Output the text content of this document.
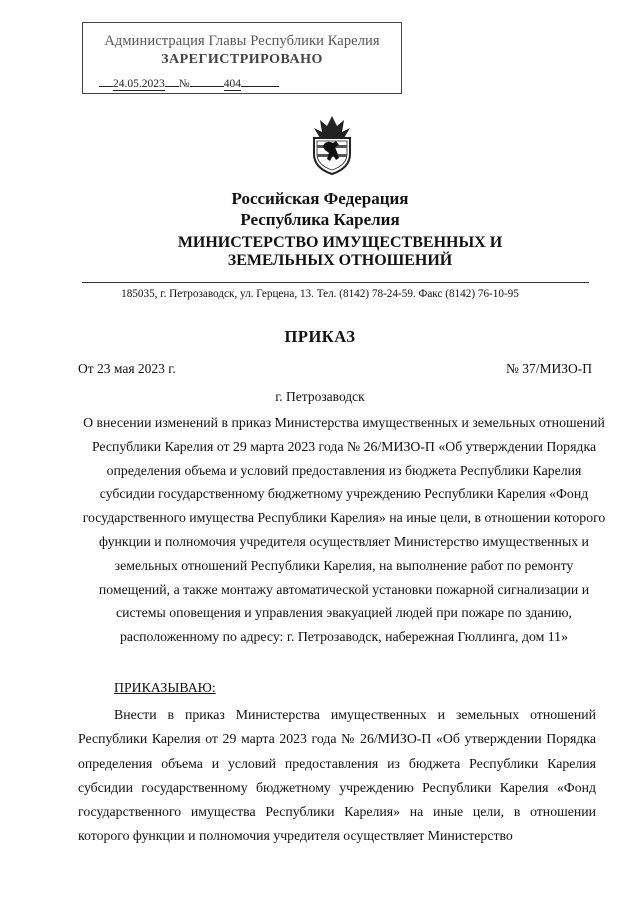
Администрация Главы Республики Карелия
ЗАРЕГИСТРИРОВАНО
24.05.2023 №	404
Российская Федерация
Республика Карелия
МИНИСТЕРСТВО ИМУЩЕСТВЕННЫХ И ЗЕМЕЛЬНЫХ ОТНОШЕНИЙ
185035, г. Петрозаводск, ул. Герцена, 13. Тел. (8142) 78-24-59. Факс (8142) 76-10-95
ПРИКАЗ
От 23 мая 2023 г.	№ 37/МИЗО-П
г. Петрозаводск
О внесении изменений в приказ Министерства имущественных и земельных отношений Республики Карелия от 29 марта 2023 года № 26/МИЗО-П «Об утверждении Порядка определения объема и условий предоставления из бюджета Республики Карелия субсидии государственному бюджетному учреждению Республики Карелия «Фонд государственного имущества Республики Карелия» на иные цели, в отношении которого функции и полномочия учредителя осуществляет Министерство имущественных и земельных отношений Республики Карелия, на выполнение работ по ремонту помещений, а также монтажу автоматической установки пожарной сигнализации и системы оповещения и управления эвакуацией людей при пожаре по зданию, расположенному по адресу: г. Петрозаводск, набережная Гюллинга, дом 11»
ПРИКАЗЫВАЮ:
Внести в приказ Министерства имущественных и земельных отношений Республики Карелия от 29 марта 2023 года № 26/МИЗО-П «Об утверждении Порядка определения объема и условий предоставления из бюджета Республики Карелия субсидии государственному бюджетному учреждению Республики Карелия «Фонд государственного имущества Республики Карелия» на иные цели, в отношении которого функции и полномочия учредителя осуществляет Министерство
